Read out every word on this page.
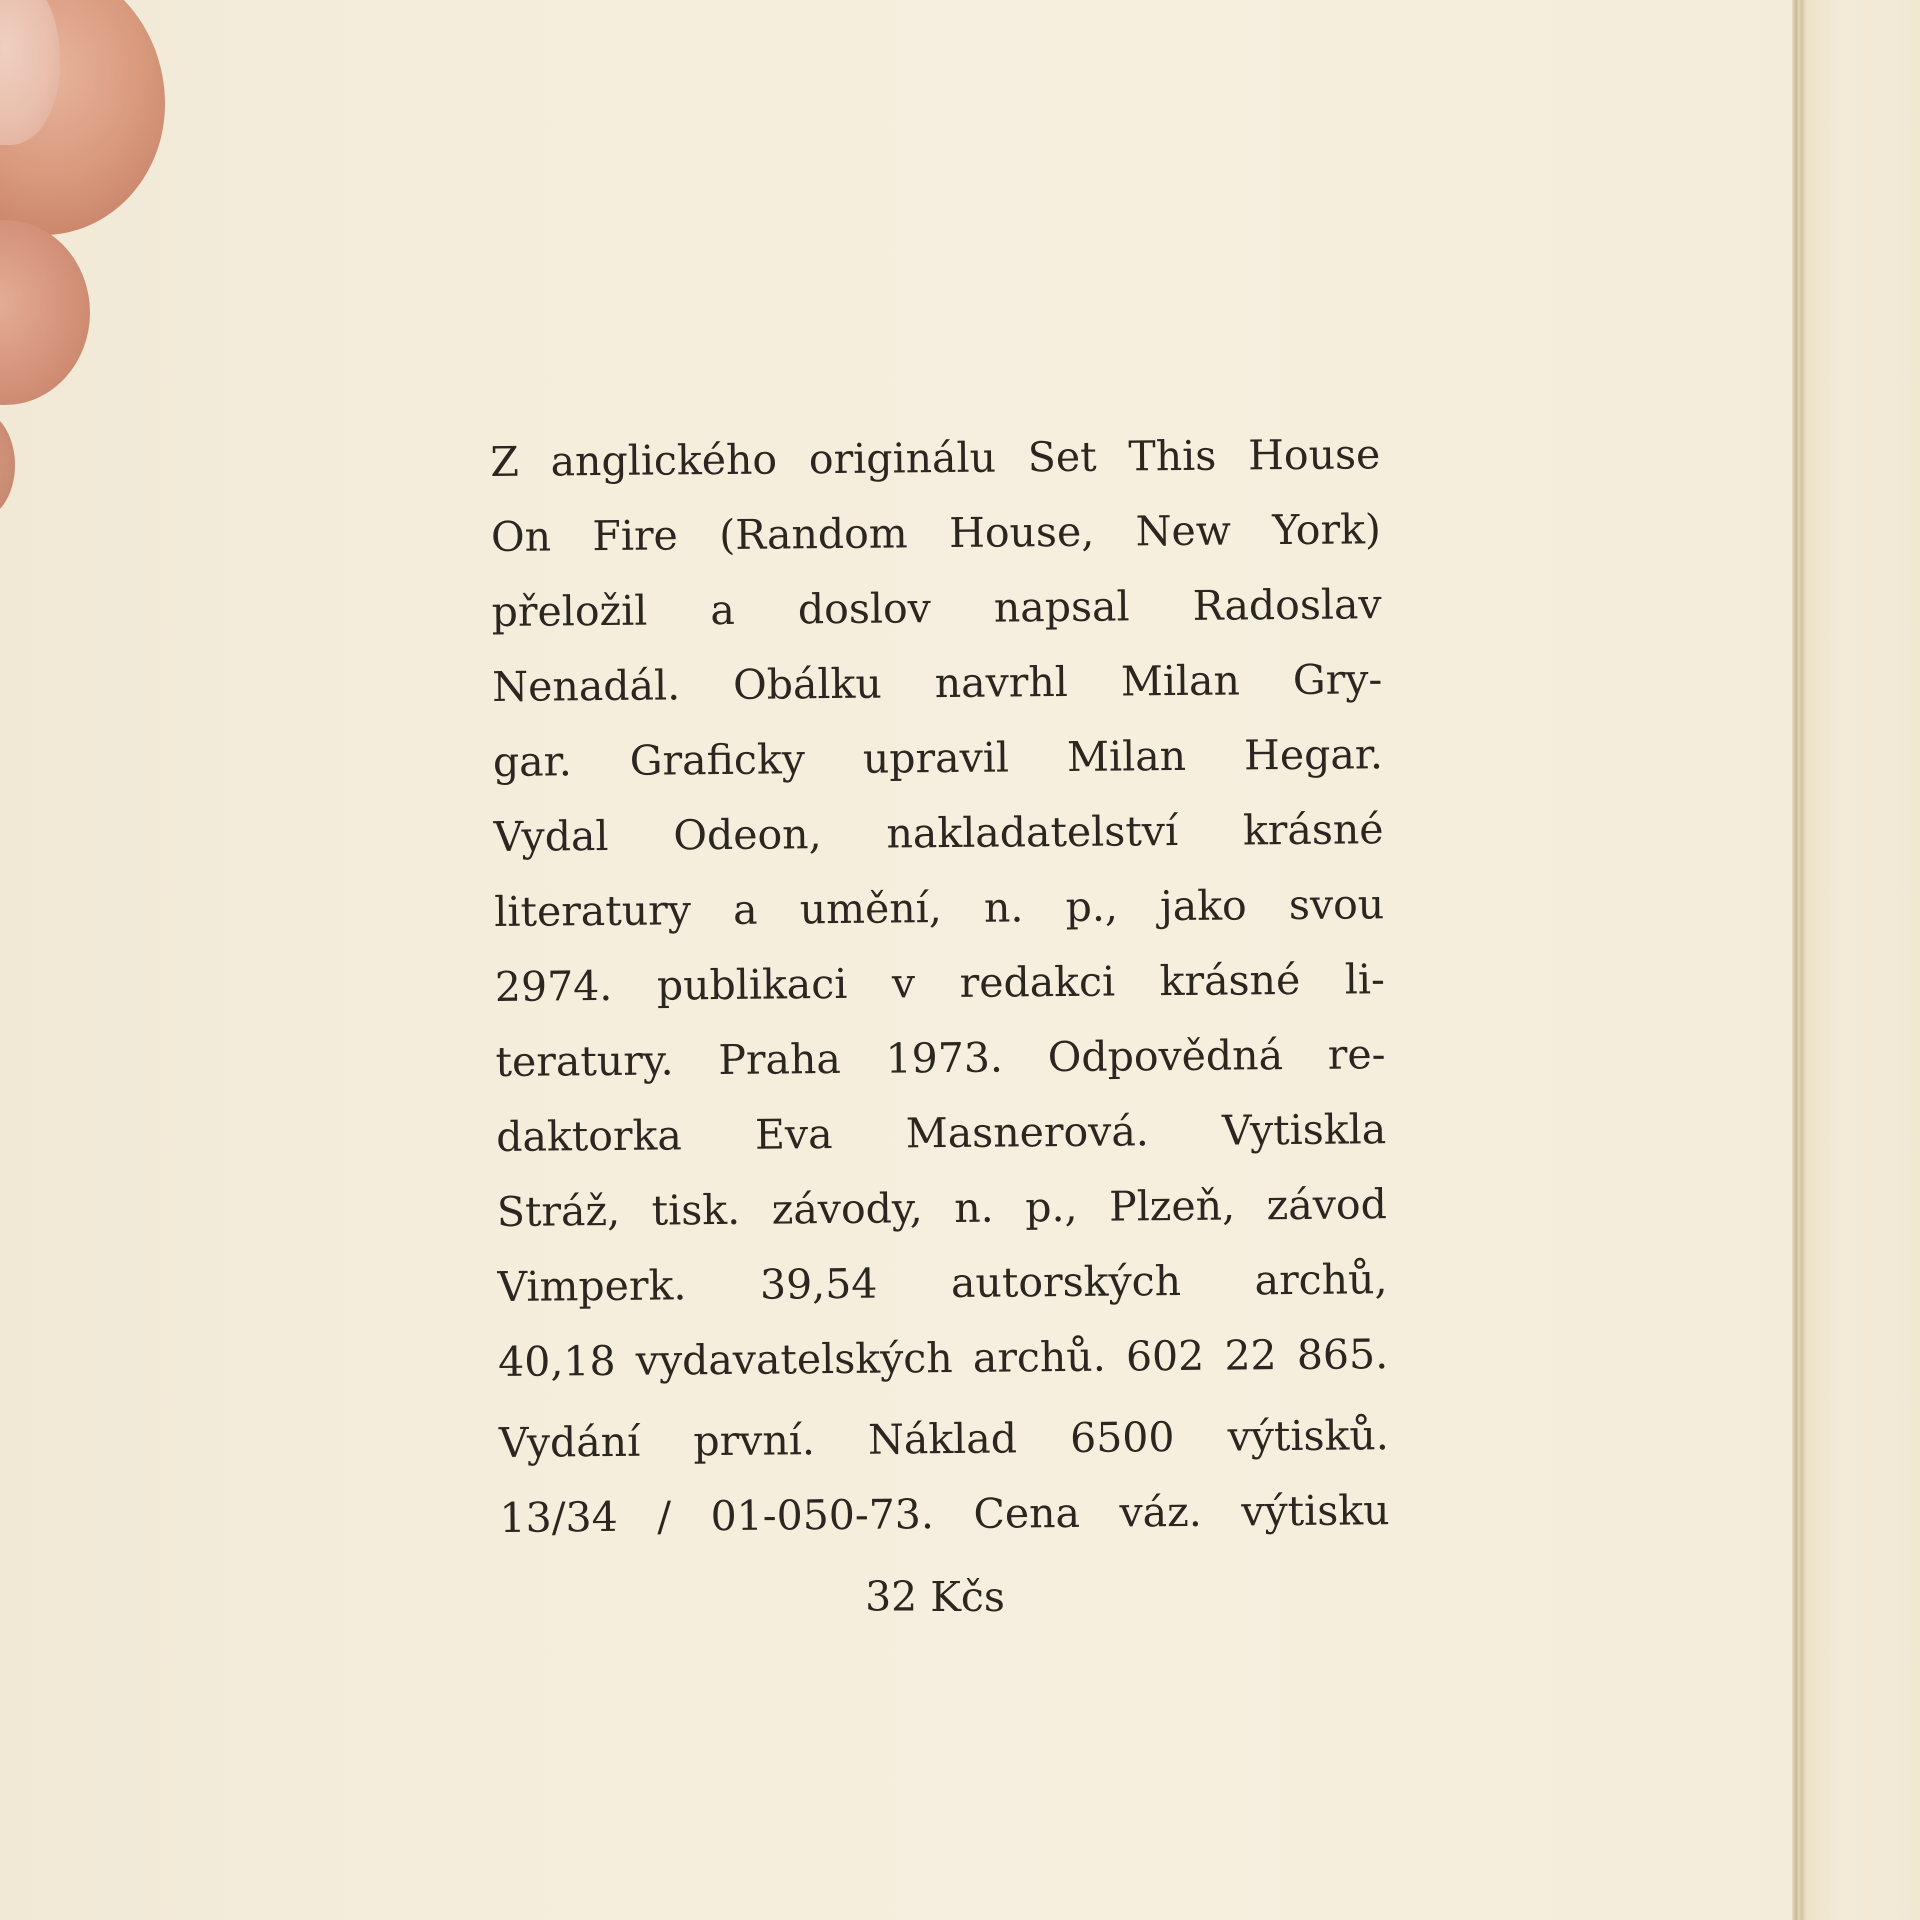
Z anglického originálu Set This House
On Fire (Random House, New York)
přeložil a doslov napsal Radoslav
Nenadál. Obálku navrhl Milan Gry-
gar. Graficky upravil Milan Hegar.
Vydal Odeon, nakladatelství krásné
literatury a umění, n. p., jako svou
2974. publikaci v redakci krásné li-
teratury. Praha 1973. Odpovědná re-
daktorka Eva Masnerová. Vytiskla
Stráž, tisk. závody, n. p., Plzeň, závod
Vimperk. 39,54 autorských archů,
40,18 vydavatelských archů. 602 22 865.
Vydání první. Náklad 6500 výtisků.
13/34 / 01-050-73. Cena váz. výtisku
32 Kčs
